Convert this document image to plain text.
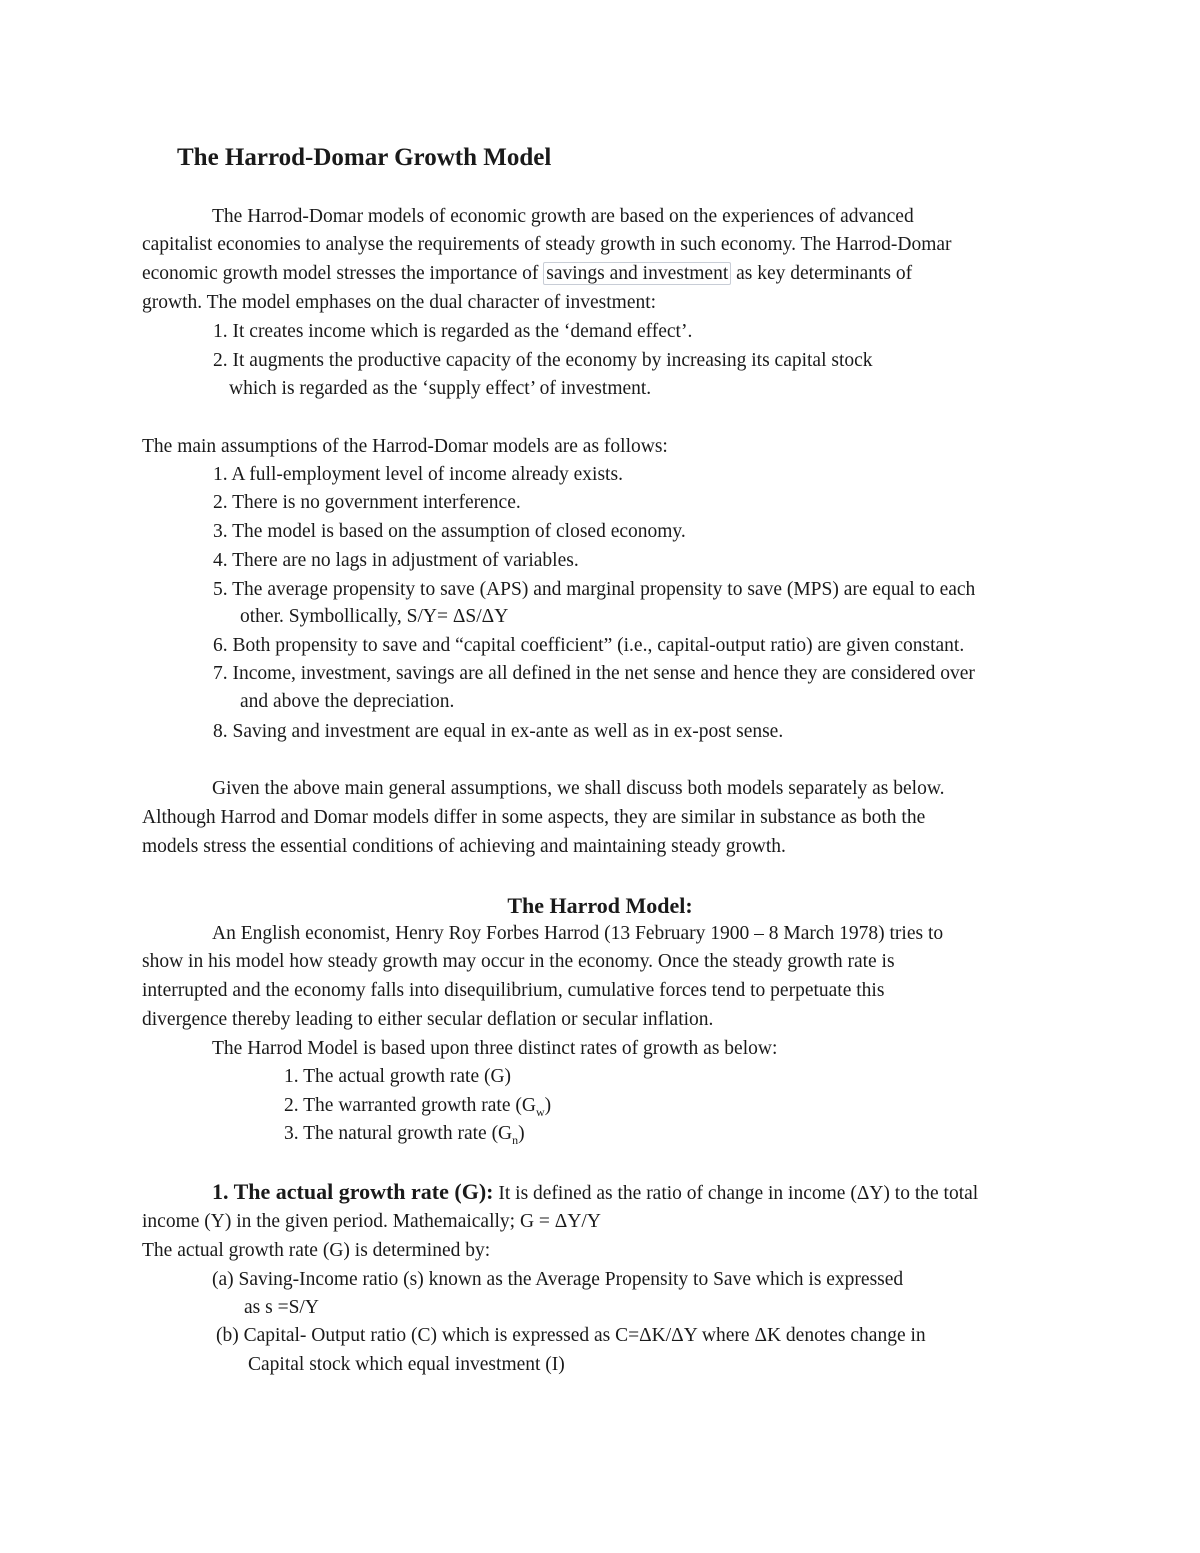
The Harrod-Domar Growth Model
The Harrod-Domar models of economic growth are based on the experiences of advanced
capitalist economies to analyse the requirements of steady growth in such economy. The Harrod-Domar
economic growth model stresses the importance of savings and investment as key determinants of
growth. The model emphases on the dual character of investment:
1. It creates income which is regarded as the ‘demand effect’.
2. It augments the productive capacity of the economy by increasing its capital stock
which is regarded as the ‘supply effect’ of investment.
The main assumptions of the Harrod-Domar models are as follows:
1. A full-employment level of income already exists.
2. There is no government interference.
3. The model is based on the assumption of closed economy.
4. There are no lags in adjustment of variables.
5. The average propensity to save (APS) and marginal propensity to save (MPS) are equal to each
other. Symbollically, S/Y= ΔS/ΔY
6. Both propensity to save and “capital coefficient” (i.e., capital-output ratio) are given constant.
7. Income, investment, savings are all defined in the net sense and hence they are considered over
and above the depreciation.
8. Saving and investment are equal in ex-ante as well as in ex-post sense.
Given the above main general assumptions, we shall discuss both models separately as below.
Although Harrod and Domar models differ in some aspects, they are similar in substance as both the
models stress the essential conditions of achieving and maintaining steady growth.
The Harrod Model:
An English economist, Henry Roy Forbes Harrod (13 February 1900 – 8 March 1978) tries to
show in his model how steady growth may occur in the economy. Once the steady growth rate is
interrupted and the economy falls into disequilibrium, cumulative forces tend to perpetuate this
divergence thereby leading to either secular deflation or secular inflation.
The Harrod Model is based upon three distinct rates of growth as below:
1. The actual growth rate (G)
2. The warranted growth rate $(G_w)$
3. The natural growth rate $(G_n)$
1. The actual growth rate (G): It is defined as the ratio of change in income (ΔY) to the total
income (Y) in the given period. Mathemaically; G = ΔY/Y
The actual growth rate (G) is determined by:
(a) Saving-Income ratio (s) known as the Average Propensity to Save which is expressed
as s =S/Y
(b) Capital- Output ratio (C) which is expressed as C=ΔK/ΔY where ΔK denotes change in
Capital stock which equal investment (I)
